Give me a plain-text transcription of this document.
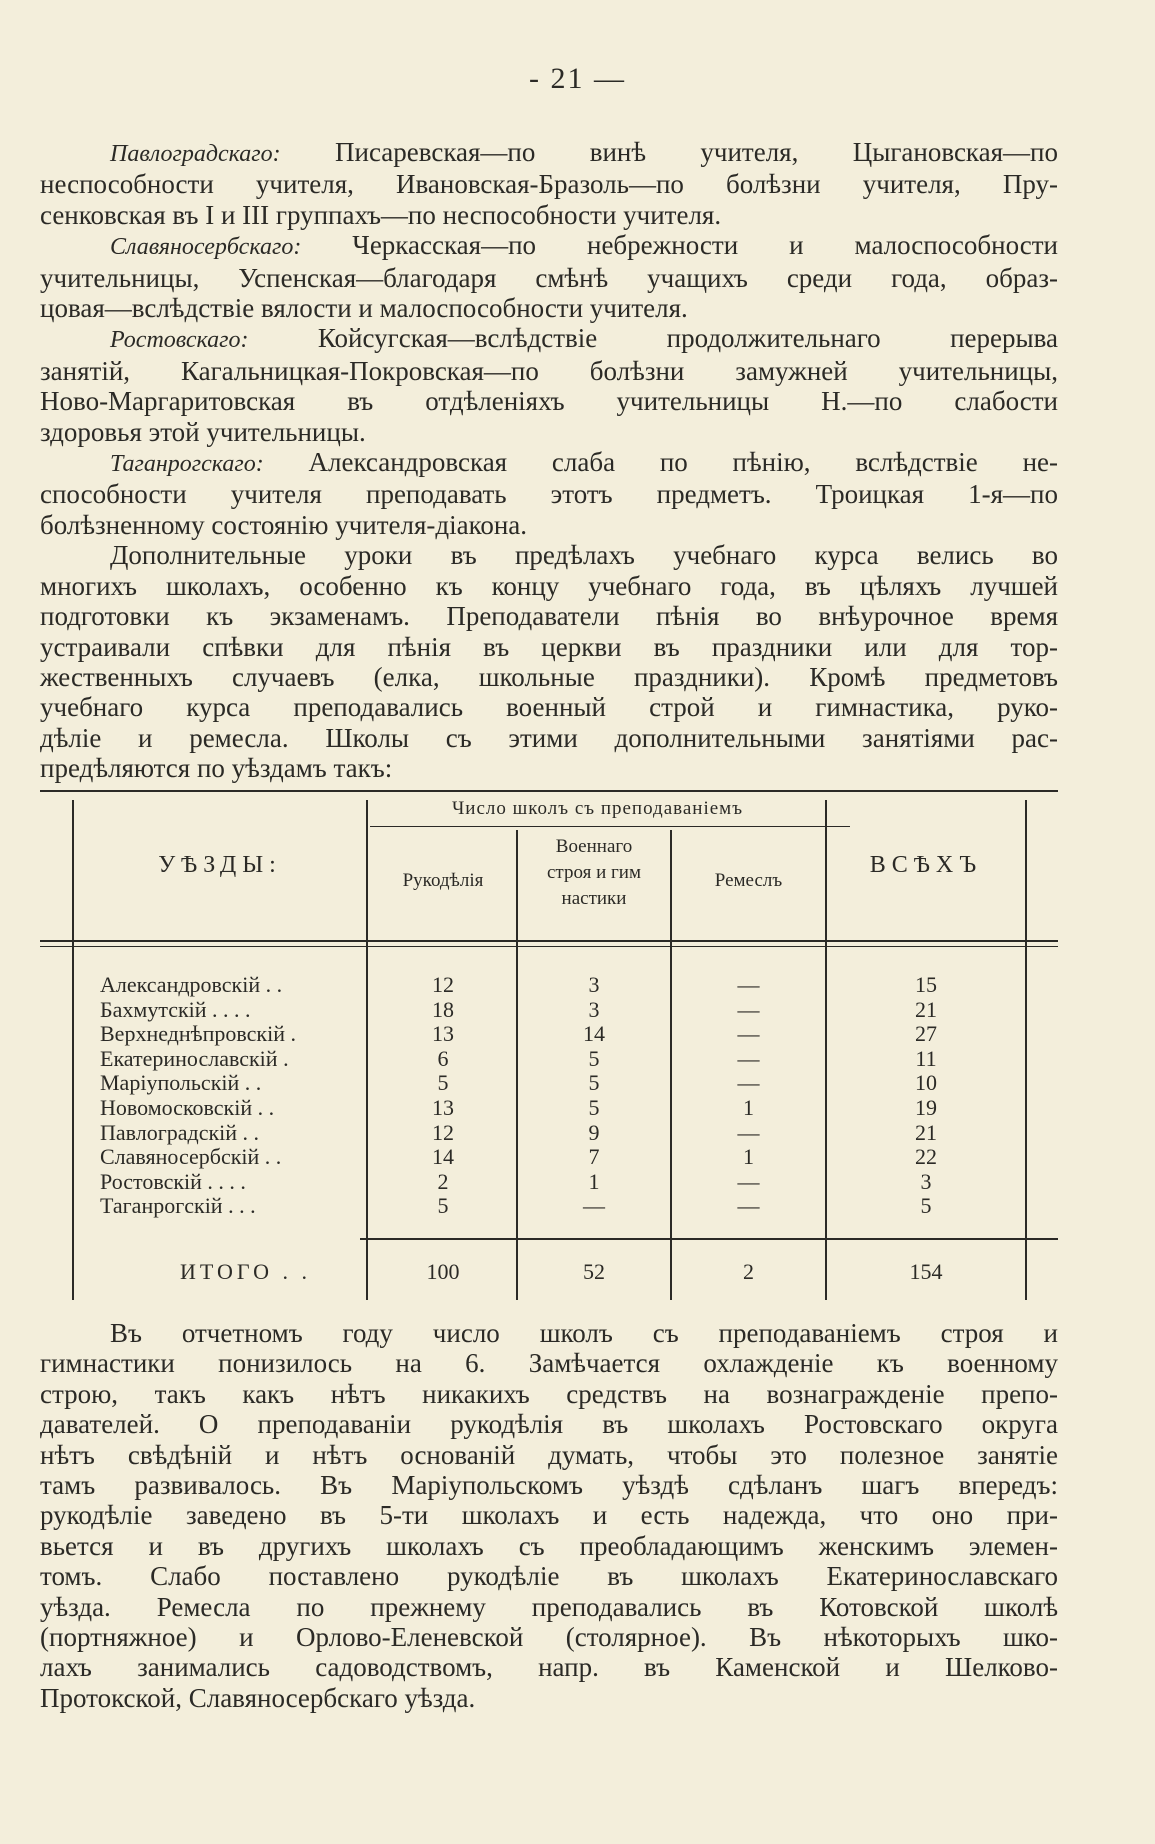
- 21 —
Павлоградскаго: Писаревская—по винѣ учителя, Цыгановская—по
неспособности учителя, Ивановская-Бразоль—по болѣзни учителя, Пру-
сенковская въ I и III группахъ—по неспособности учителя.
Славяносербскаго: Черкасская—по небрежности и малоспособности
учительницы, Успенская—благодаря смѣнѣ учащихъ среди года, образ-
цовая—вслѣдствіе вялости и малоспособности учителя.
Ростовскаго: Койсугская—вслѣдствіе продолжительнаго перерыва
занятій, Кагальницкая-Покровская—по болѣзни замужней учительницы,
Ново-Маргаритовская въ отдѣленіяхъ учительницы Н.—по слабости
здоровья этой учительницы.
Таганрогскаго: Александровская слаба по пѣнію, вслѣдствіе не-
способности учителя преподавать этотъ предметъ. Троицкая 1-я—по
болѣзненному состоянію учителя-діакона.
Дополнительные уроки въ предѣлахъ учебнаго курса велись во
многихъ школахъ, особенно къ концу учебнаго года, въ цѣляхъ лучшей
подготовки къ экзаменамъ. Преподаватели пѣнія во внѣурочное время
устраивали спѣвки для пѣнія въ церкви въ праздники или для тор-
жественныхъ случаевъ (елка, школьные праздники). Кромѣ предметовъ
учебнаго курса преподавались военный строй и гимнастика, руко-
дѣліе и ремесла. Школы съ этими дополнительными занятіями рас-
предѣляются по уѣздамъ такъ:
УѢЗДЫ:
Число школъ съ преподаваніемъ
Рукодѣлія
Военнаго
строя и гим
настики
Ремеслъ
ВСѢХЪ
Александровскій . .	12	3	—	15
Бахмутскій . . . .	18	3	—	21
Верхнеднѣпровскій .	13	14	—	27
Екатеринославскій .	6	5	—	11
Маріупольскій . .	5	5	—	10
Новомосковскій . .	13	5	1	19
Павлоградскій . .	12	9	—	21
Славяносербскій . .	14	7	1	22
Ростовскій . . . .	2	1	—	3
Таганрогскій . . .	5	—	—	5
ИТОГО . .	100	52	2	154
Въ отчетномъ году число школъ съ преподаваніемъ строя и
гимнастики понизилось на 6. Замѣчается охлажденіе къ военному
строю, такъ какъ нѣтъ никакихъ средствъ на вознагражденіе препо-
давателей. О преподаваніи рукодѣлія въ школахъ Ростовскаго округа
нѣтъ свѣдѣній и нѣтъ основаній думать, чтобы это полезное занятіе
тамъ развивалось. Въ Маріупольскомъ уѣздѣ сдѣланъ шагъ впередъ:
рукодѣліе заведено въ 5-ти школахъ и есть надежда, что оно при-
вьется и въ другихъ школахъ съ преобладающимъ женскимъ элемен-
томъ. Слабо поставлено рукодѣліе въ школахъ Екатеринославскаго
уѣзда. Ремесла по прежнему преподавались въ Котовской школѣ
(портняжное) и Орлово-Еленевской (столярное). Въ нѣкоторыхъ шко-
лахъ занимались садоводствомъ, напр. въ Каменской и Шелково-
Протокской, Славяносербскаго уѣзда.
